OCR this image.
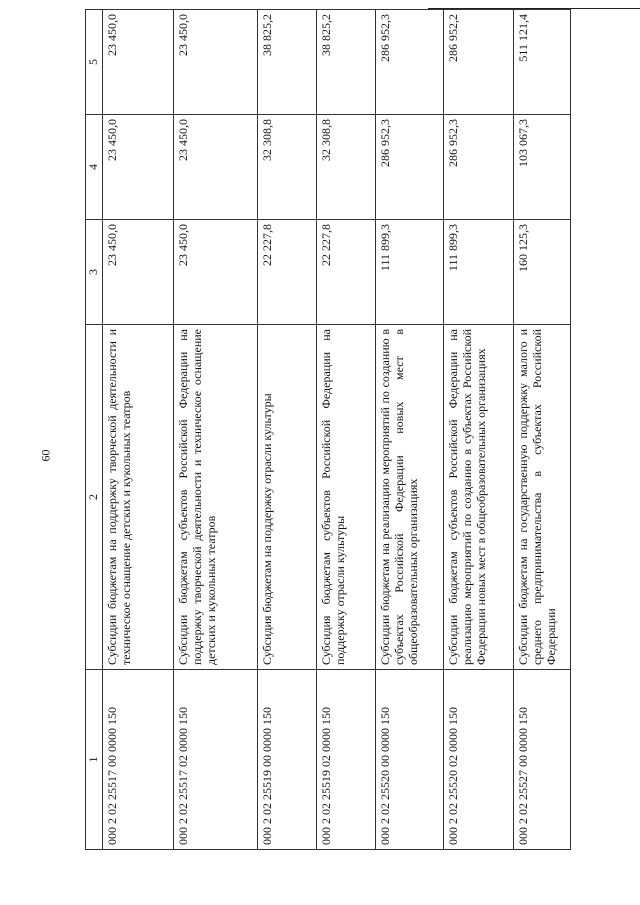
60
1	2	3	4	5
000 2 02 25517 00 0000 150	Субсидии бюджетам на поддержку творческой деятельности и техническое оснащение детских и кукольных театров	23 450,0	23 450,0	23 450,0
000 2 02 25517 02 0000 150	Субсидии бюджетам субъектов Российской Федерации на поддержку творческой деятельности и техническое оснащение детских и кукольных театров	23 450,0	23 450,0	23 450,0
000 2 02 25519 00 0000 150	Субсидия бюджетам на поддержку отрасли культуры	22 227,8	32 308,8	38 825,2
000 2 02 25519 02 0000 150	Субсидия бюджетам субъектов Российской Федерации на поддержку отрасли культуры	22 227,8	32 308,8	38 825,2
000 2 02 25520 00 0000 150	Субсидии бюджетам на реализацию мероприятий по созданию в субъектах Российской Федерации новых мест в общеобразовательных организациях	111 899,3	286 952,3	286 952,3
000 2 02 25520 02 0000 150	Субсидии бюджетам субъектов Российской Федерации на реализацию мероприятий по созданию в субъектах Российской Федерации новых мест в общеобразовательных организациях	111 899,3	286 952,3	286 952,2
000 2 02 25527 00 0000 150	Субсидии бюджетам на государственную поддержку малого и среднего предпринимательства в субъектах Российской Федерации	160 125,3	103 067,3	511 121,4
